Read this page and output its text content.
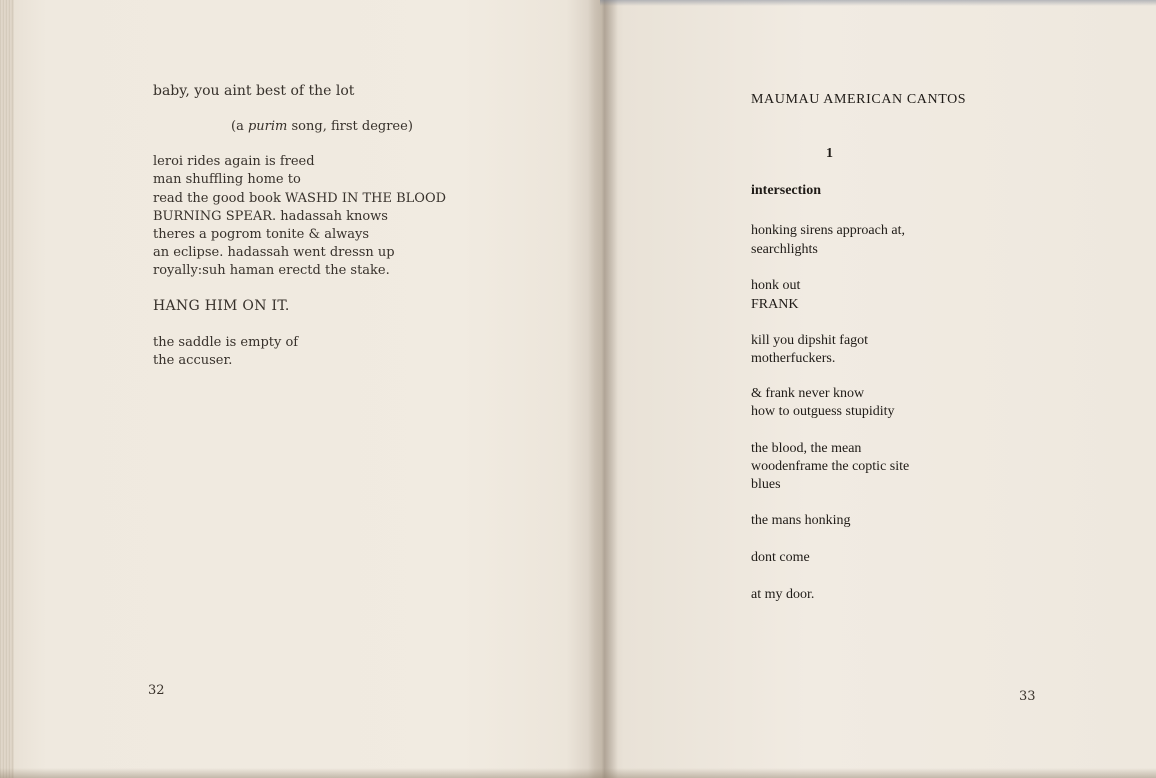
baby, you aint best of the lot
(a purim song, first degree)
leroi rides again is freed
man shuffling home to
read the good book WASHD IN THE BLOOD
BURNING SPEAR. hadassah knows
theres a pogrom tonite & always
an eclipse. hadassah went dressn up
royally:suh haman erectd the stake.
HANG HIM ON IT.
the saddle is empty of
the accuser.
32
MAUMAU AMERICAN CANTOS
1
intersection
honking sirens approach at,
searchlights
honk out
FRANK
kill you dipshit fagot
motherfuckers.
& frank never know
how to outguess stupidity
the blood, the mean
woodenframe the coptic site
blues
the mans honking
dont come
at my door.
33
